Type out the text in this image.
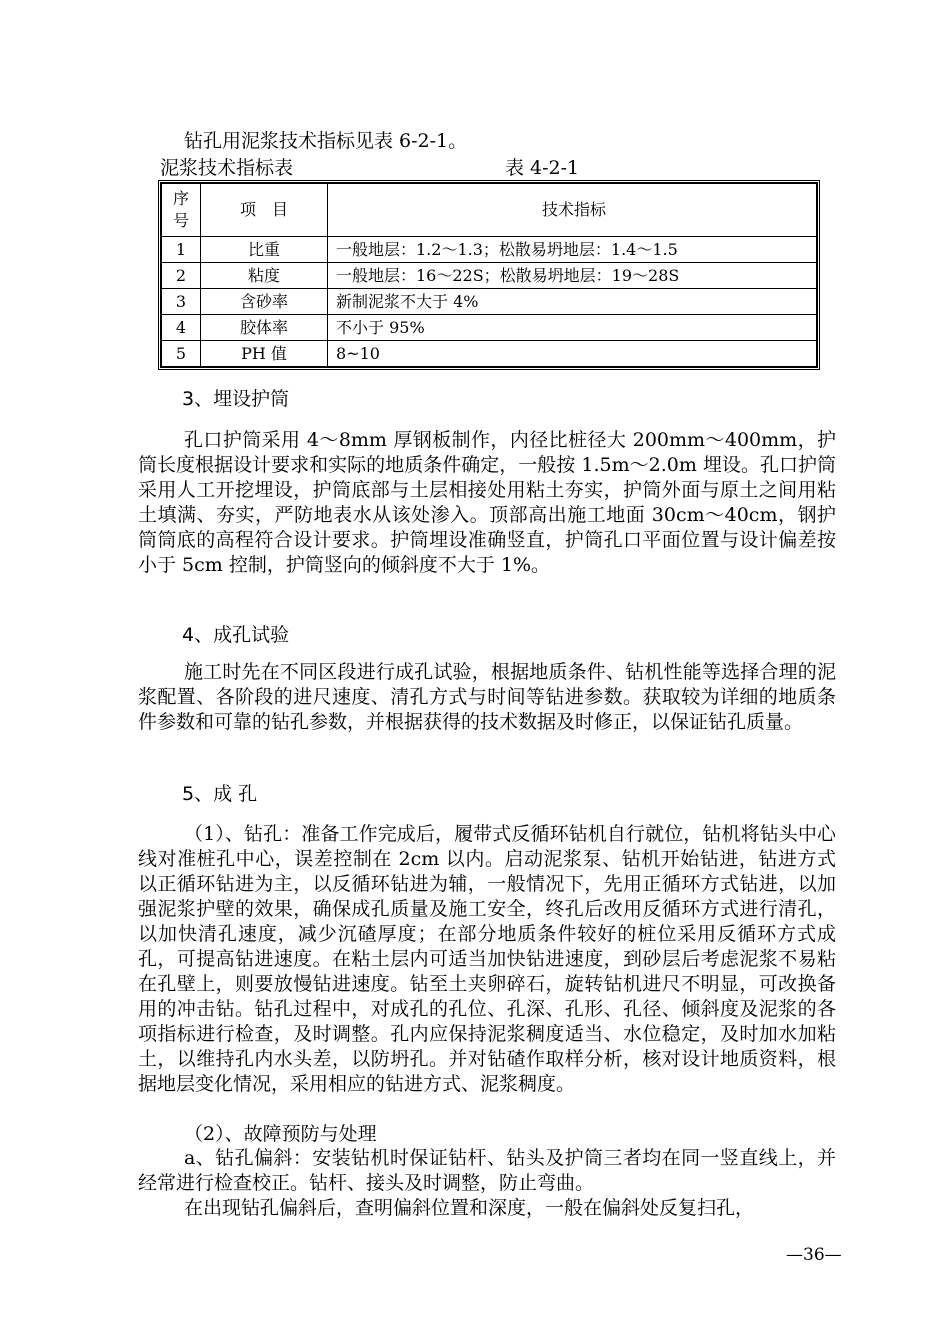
钻孔用泥浆技术指标见表 6-2-1。
泥浆技术指标表	表 4-2-1
序号	项　目	技术指标
1	比重	一般地层：1.2～1.3；松散易坍地层：1.4～1.5
2	粘度	一般地层：16～22S；松散易坍地层：19～28S
3	含砂率	新制泥浆不大于 4%
4	胶体率	不小于 95%
5	PH 值	8~10
3、埋设护筒

孔口护筒采用 4～8mm 厚钢板制作，内径比桩径大 200mm～400mm，护筒长度根据设计要求和实际的地质条件确定，一般按 1.5m～2.0m 埋设。孔口护筒采用人工开挖埋设，护筒底部与土层相接处用粘土夯实，护筒外面与原土之间用粘土填满、夯实，严防地表水从该处渗入。顶部高出施工地面 30cm～40cm，钢护筒筒底的高程符合设计要求。护筒埋设准确竖直，护筒孔口平面位置与设计偏差按小于 5cm 控制，护筒竖向的倾斜度不大于 1%。

4、成孔试验

施工时先在不同区段进行成孔试验，根据地质条件、钻机性能等选择合理的泥浆配置、各阶段的进尺速度、清孔方式与时间等钻进参数。获取较为详细的地质条件参数和可靠的钻孔参数，并根据获得的技术数据及时修正，以保证钻孔质量。

5、成 孔

（1）、钻孔：准备工作完成后，履带式反循环钻机自行就位，钻机将钻头中心线对准桩孔中心，误差控制在 2cm 以内。启动泥浆泵、钻机开始钻进，钻进方式以正循环钻进为主，以反循环钻进为辅，一般情况下，先用正循环方式钻进，以加强泥浆护壁的效果，确保成孔质量及施工安全，终孔后改用反循环方式进行清孔，以加快清孔速度，减少沉碴厚度；在部分地质条件较好的桩位采用反循环方式成孔，可提高钻进速度。在粘土层内可适当加快钻进速度，到砂层后考虑泥浆不易粘在孔壁上，则要放慢钻进速度。钻至土夹卵碎石，旋转钻机进尺不明显，可改换备用的冲击钻。钻孔过程中，对成孔的孔位、孔深、孔形、孔径、倾斜度及泥浆的各项指标进行检查，及时调整。孔内应保持泥浆稠度适当、水位稳定，及时加水加粘土，以维持孔内水头差，以防坍孔。并对钻碴作取样分析，核对设计地质资料，根据地层变化情况，采用相应的钻进方式、泥浆稠度。

（2）、故障预防与处理

a、钻孔偏斜：安装钻机时保证钻杆、钻头及护筒三者均在同一竖直线上，并经常进行检查校正。钻杆、接头及时调整，防止弯曲。

在出现钻孔偏斜后，查明偏斜位置和深度，一般在偏斜处反复扫孔，

—36—
